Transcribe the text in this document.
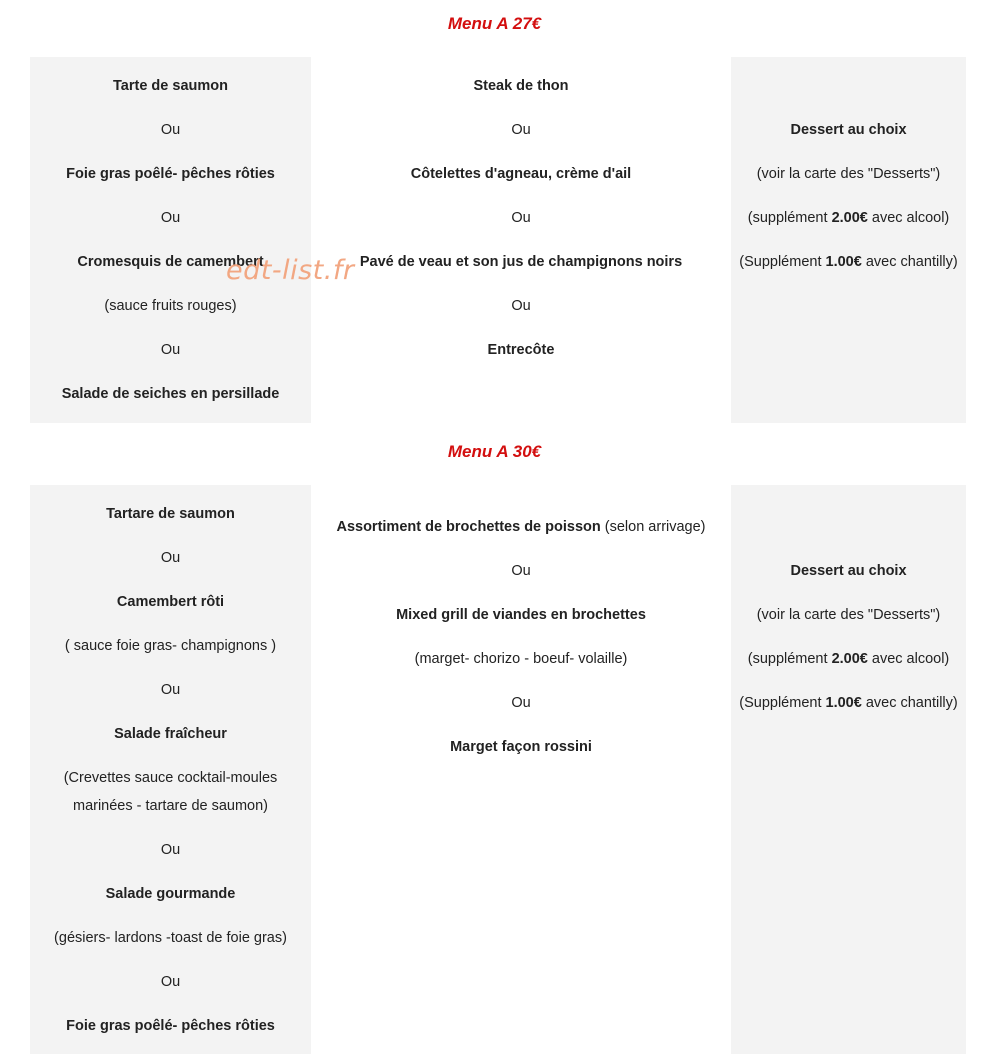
Menu A 27€

Tarte de saumon

Ou

Foie gras poêlé- pêches rôties

Ou

Cromesquis de camembert

(sauce fruits rouges)

Ou

Salade de seiches en persillade

Steak de thon

Ou

Côtelettes d'agneau, crème d'ail

Ou

Pavé de veau et son jus de champignons noirs

Ou

Entrecôte

Dessert au choix

(voir la carte des "Desserts")

(supplément 2.00€ avec alcool)

(Supplément 1.00€ avec chantilly)

edt-list.fr
Menu A 30€

Tartare de saumon

Ou

Camembert rôti

( sauce foie gras- champignons )

Ou

Salade fraîcheur

(Crevettes sauce cocktail-moules

marinées - tartare de saumon)

Ou

Salade gourmande

(gésiers- lardons -toast de foie gras)

Ou

Foie gras poêlé- pêches rôties

Assortiment de brochettes de poisson (selon arrivage)

Ou

Mixed grill de viandes en brochettes

(marget- chorizo - boeuf- volaille)

Ou

Marget façon rossini

Dessert au choix

(voir la carte des "Desserts")

(supplément 2.00€ avec alcool)

(Supplément 1.00€ avec chantilly)
